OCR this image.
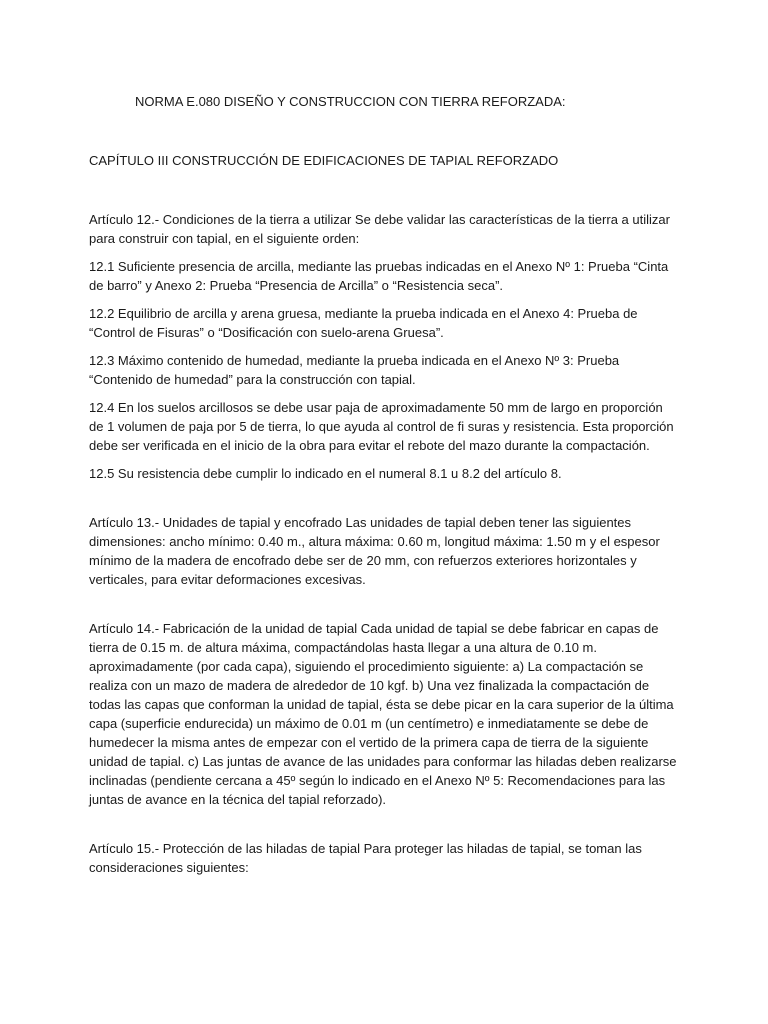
NORMA E.080 DISEÑO Y CONSTRUCCION CON TIERRA REFORZADA:

CAPÍTULO III CONSTRUCCIÓN DE EDIFICACIONES DE TAPIAL REFORZADO

Artículo 12.- Condiciones de la tierra a utilizar Se debe validar las características de la tierra a utilizar para construir con tapial, en el siguiente orden:

12.1 Suficiente presencia de arcilla, mediante las pruebas indicadas en el Anexo Nº 1: Prueba “Cinta de barro” y Anexo 2: Prueba “Presencia de Arcilla” o “Resistencia seca”.

12.2 Equilibrio de arcilla y arena gruesa, mediante la prueba indicada en el Anexo 4: Prueba de “Control de Fisuras” o “Dosificación con suelo-arena Gruesa”.

12.3 Máximo contenido de humedad, mediante la prueba indicada en el Anexo Nº 3: Prueba “Contenido de humedad” para la construcción con tapial.

12.4 En los suelos arcillosos se debe usar paja de aproximadamente 50 mm de largo en proporción de 1 volumen de paja por 5 de tierra, lo que ayuda al control de fi suras y resistencia. Esta proporción debe ser verificada en el inicio de la obra para evitar el rebote del mazo durante la compactación.

12.5 Su resistencia debe cumplir lo indicado en el numeral 8.1 u 8.2 del artículo 8.

Artículo 13.- Unidades de tapial y encofrado Las unidades de tapial deben tener las siguientes dimensiones: ancho mínimo: 0.40 m., altura máxima: 0.60 m, longitud máxima: 1.50 m y el espesor mínimo de la madera de encofrado debe ser de 20 mm, con refuerzos exteriores horizontales y verticales, para evitar deformaciones excesivas.

Artículo 14.- Fabricación de la unidad de tapial Cada unidad de tapial se debe fabricar en capas de tierra de 0.15 m. de altura máxima, compactándolas hasta llegar a una altura de 0.10 m. aproximadamente (por cada capa), siguiendo el procedimiento siguiente: a) La compactación se realiza con un mazo de madera de alrededor de 10 kgf. b) Una vez finalizada la compactación de todas las capas que conforman la unidad de tapial, ésta se debe picar en la cara superior de la última capa (superficie endurecida) un máximo de 0.01 m (un centímetro) e inmediatamente se debe de humedecer la misma antes de empezar con el vertido de la primera capa de tierra de la siguiente unidad de tapial. c) Las juntas de avance de las unidades para conformar las hiladas deben realizarse inclinadas (pendiente cercana a 45º según lo indicado en el Anexo Nº 5: Recomendaciones para las juntas de avance en la técnica del tapial reforzado).

Artículo 15.- Protección de las hiladas de tapial Para proteger las hiladas de tapial, se toman las consideraciones siguientes:
